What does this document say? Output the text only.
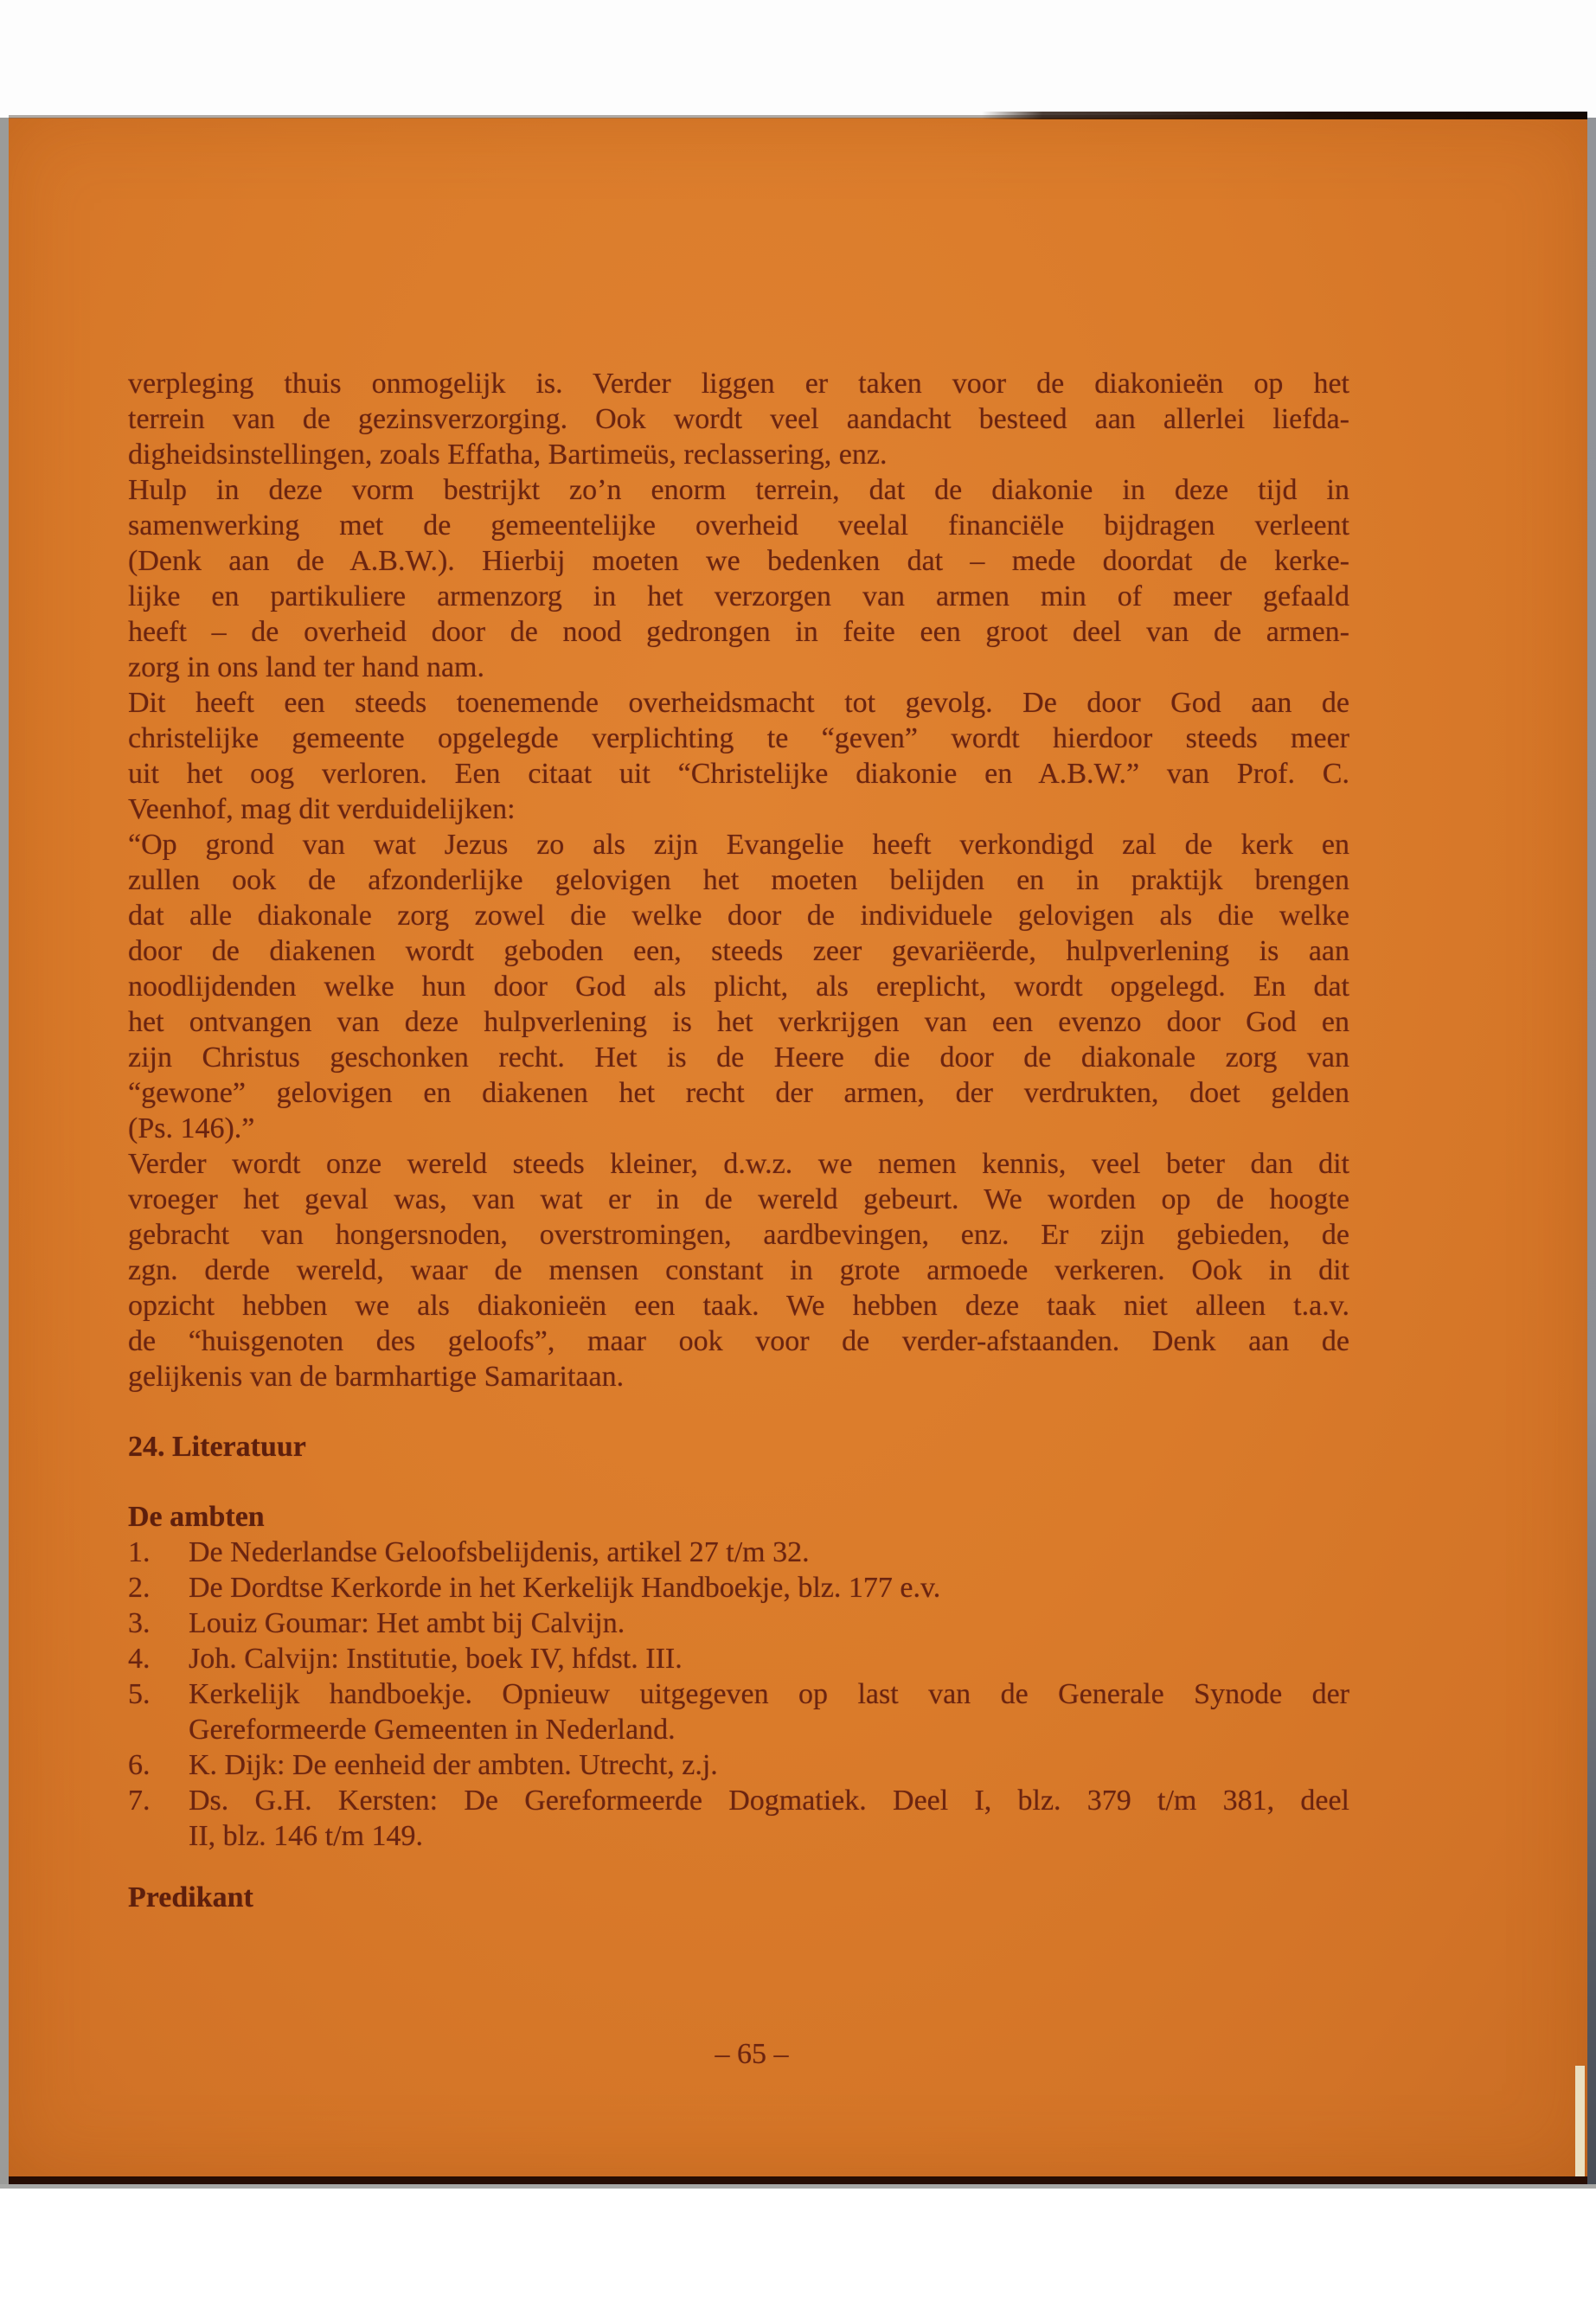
verpleging thuis onmogelijk is. Verder liggen er taken voor de diakonieën op het
terrein van de gezinsverzorging. Ook wordt veel aandacht besteed aan allerlei liefda-
digheidsinstellingen, zoals Effatha, Bartimeüs, reclassering, enz.
Hulp in deze vorm bestrijkt zo’n enorm terrein, dat de diakonie in deze tijd in
samenwerking met de gemeentelijke overheid veelal financiële bijdragen verleent
(Denk aan de A.B.W.). Hierbij moeten we bedenken dat – mede doordat de kerke-
lijke en partikuliere armenzorg in het verzorgen van armen min of meer gefaald
heeft – de overheid door de nood gedrongen in feite een groot deel van de armen-
zorg in ons land ter hand nam.
Dit heeft een steeds toenemende overheidsmacht tot gevolg. De door God aan de
christelijke gemeente opgelegde verplichting te “geven” wordt hierdoor steeds meer
uit het oog verloren. Een citaat uit “Christelijke diakonie en A.B.W.” van Prof. C.
Veenhof, mag dit verduidelijken:
“Op grond van wat Jezus zo als zijn Evangelie heeft verkondigd zal de kerk en
zullen ook de afzonderlijke gelovigen het moeten belijden en in praktijk brengen
dat alle diakonale zorg zowel die welke door de individuele gelovigen als die welke
door de diakenen wordt geboden een, steeds zeer gevariëerde, hulpverlening is aan
noodlijdenden welke hun door God als plicht, als ereplicht, wordt opgelegd. En dat
het ontvangen van deze hulpverlening is het verkrijgen van een evenzo door God en
zijn Christus geschonken recht. Het is de Heere die door de diakonale zorg van
“gewone” gelovigen en diakenen het recht der armen, der verdrukten, doet gelden
(Ps. 146).”
Verder wordt onze wereld steeds kleiner, d.w.z. we nemen kennis, veel beter dan dit
vroeger het geval was, van wat er in de wereld gebeurt. We worden op de hoogte
gebracht van hongersnoden, overstromingen, aardbevingen, enz. Er zijn gebieden, de
zgn. derde wereld, waar de mensen constant in grote armoede verkeren. Ook in dit
opzicht hebben we als diakonieën een taak. We hebben deze taak niet alleen t.a.v.
de “huisgenoten des geloofs”, maar ook voor de verder-afstaanden. Denk aan de
gelijkenis van de barmhartige Samaritaan.
24. Literatuur
De ambten
1. De Nederlandse Geloofsbelijdenis, artikel 27 t/m 32.
2. De Dordtse Kerkorde in het Kerkelijk Handboekje, blz. 177 e.v.
3. Louiz Goumar: Het ambt bij Calvijn.
4. Joh. Calvijn: Institutie, boek IV, hfdst. III.
5. Kerkelijk handboekje. Opnieuw uitgegeven op last van de Generale Synode der
Gereformeerde Gemeenten in Nederland.
6. K. Dijk: De eenheid der ambten. Utrecht, z.j.
7. Ds. G.H. Kersten: De Gereformeerde Dogmatiek. Deel I, blz. 379 t/m 381, deel
II, blz. 146 t/m 149.
Predikant
– 65 –
